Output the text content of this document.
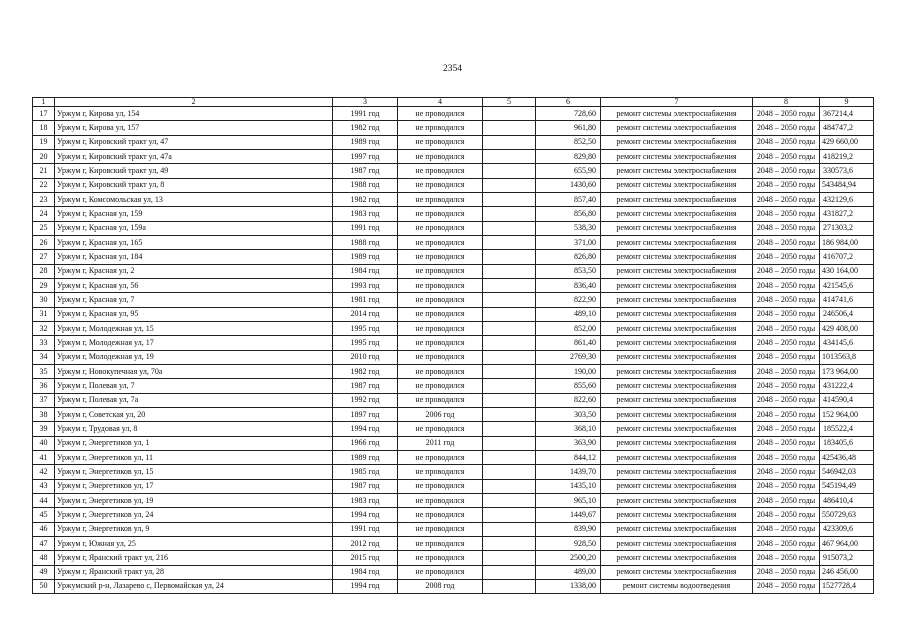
2354
1	2	3	4	5	6	7	8	9
17	Уржум г, Кирова ул, 154	1991 год	не проводился		728,60	ремонт системы электроснабжения	2048 – 2050 годы	367214,4
18	Уржум г, Кирова ул, 157	1982 год	не проводился		961,80	ремонт системы электроснабжения	2048 – 2050 годы	484747,2
19	Уржум г, Кировский тракт ул, 47	1989 год	не проводился		852,50	ремонт системы электроснабжения	2048 – 2050 годы	429 660,00
20	Уржум г, Кировский тракт ул, 47а	1997 год	не проводился		829,80	ремонт системы электроснабжения	2048 – 2050 годы	418219,2
21	Уржум г, Кировский тракт ул, 49	1987 год	не проводился		655,90	ремонт системы электроснабжения	2048 – 2050 годы	330573,6
22	Уржум г, Кировский тракт ул, 8	1988 год	не проводился		1430,60	ремонт системы электроснабжения	2048 – 2050 годы	543484,94
23	Уржум г, Комсомольская ул, 13	1982 год	не проводился		857,40	ремонт системы электроснабжения	2048 – 2050 годы	432129,6
24	Уржум г, Красная ул, 159	1983 год	не проводился		856,80	ремонт системы электроснабжения	2048 – 2050 годы	431827,2
25	Уржум г, Красная ул, 159а	1991 год	не проводился		538,30	ремонт системы электроснабжения	2048 – 2050 годы	271303,2
26	Уржум г, Красная ул, 165	1988 год	не проводился		371,00	ремонт системы электроснабжения	2048 – 2050 годы	186 984,00
27	Уржум г, Красная ул, 184	1989 год	не проводился		826,80	ремонт системы электроснабжения	2048 – 2050 годы	416707,2
28	Уржум г, Красная ул, 2	1984 год	не проводился		853,50	ремонт системы электроснабжения	2048 – 2050 годы	430 164,00
29	Уржум г, Красная ул, 56	1993 год	не проводился		836,40	ремонт системы электроснабжения	2048 – 2050 годы	421545,6
30	Уржум г, Красная ул, 7	1981 год	не проводился		822,90	ремонт системы электроснабжения	2048 – 2050 годы	414741,6
31	Уржум г, Красная ул, 95	2014 год	не проводился		489,10	ремонт системы электроснабжения	2048 – 2050 годы	246506,4
32	Уржум г, Молодежная ул, 15	1995 год	не проводился		852,00	ремонт системы электроснабжения	2048 – 2050 годы	429 408,00
33	Уржум г, Молодежная ул, 17	1995 год	не проводился		861,40	ремонт системы электроснабжения	2048 – 2050 годы	434145,6
34	Уржум г, Молодежная ул, 19	2010 год	не проводился		2769,30	ремонт системы электроснабжения	2048 – 2050 годы	1013563,8
35	Уржум г, Новокупечная ул, 70а	1982 год	не проводился		190,00	ремонт системы электроснабжения	2048 – 2050 годы	173 964,00
36	Уржум г, Полевая ул, 7	1987 год	не проводился		855,60	ремонт системы электроснабжения	2048 – 2050 годы	431222,4
37	Уржум г, Полевая ул, 7а	1992 год	не проводился		822,60	ремонт системы электроснабжения	2048 – 2050 годы	414590,4
38	Уржум г, Советская ул, 20	1897 год	2006 год		303,50	ремонт системы электроснабжения	2048 – 2050 годы	152 964,00
39	Уржум г, Трудовая ул, 8	1994 год	не проводился		368,10	ремонт системы электроснабжения	2048 – 2050 годы	185522,4
40	Уржум г, Энергетиков ул, 1	1966 год	2011 год		363,90	ремонт системы электроснабжения	2048 – 2050 годы	183405,6
41	Уржум г, Энергетиков ул, 11	1989 год	не проводился		844,12	ремонт системы электроснабжения	2048 – 2050 годы	425436,48
42	Уржум г, Энергетиков ул, 15	1985 год	не проводился		1439,70	ремонт системы электроснабжения	2048 – 2050 годы	546942,03
43	Уржум г, Энергетиков ул, 17	1987 год	не проводился		1435,10	ремонт системы электроснабжения	2048 – 2050 годы	545194,49
44	Уржум г, Энергетиков ул, 19	1983 год	не проводился		965,10	ремонт системы электроснабжения	2048 – 2050 годы	486410,4
45	Уржум г, Энергетиков ул, 24	1994 год	не проводился		1449,67	ремонт системы электроснабжения	2048 – 2050 годы	550729,63
46	Уржум г, Энергетиков ул, 9	1991 год	не проводился		839,90	ремонт системы электроснабжения	2048 – 2050 годы	423309,6
47	Уржум г, Южная ул, 25	2012 год	не проводился		928,50	ремонт системы электроснабжения	2048 – 2050 годы	467 964,00
48	Уржум г, Яранский тракт ул, 216	2015 год	не проводился		2500,20	ремонт системы электроснабжения	2048 – 2050 годы	915073,2
49	Уржум г, Яранский тракт ул, 28	1984 год	не проводился		489,00	ремонт системы электроснабжения	2048 – 2050 годы	246 456,00
50	Уржумский р-н, Лазарево с, Первомайская ул, 24	1994 год	2008 год		1338,00	ремонт системы водоотведения	2048 – 2050 годы	1527728,4
